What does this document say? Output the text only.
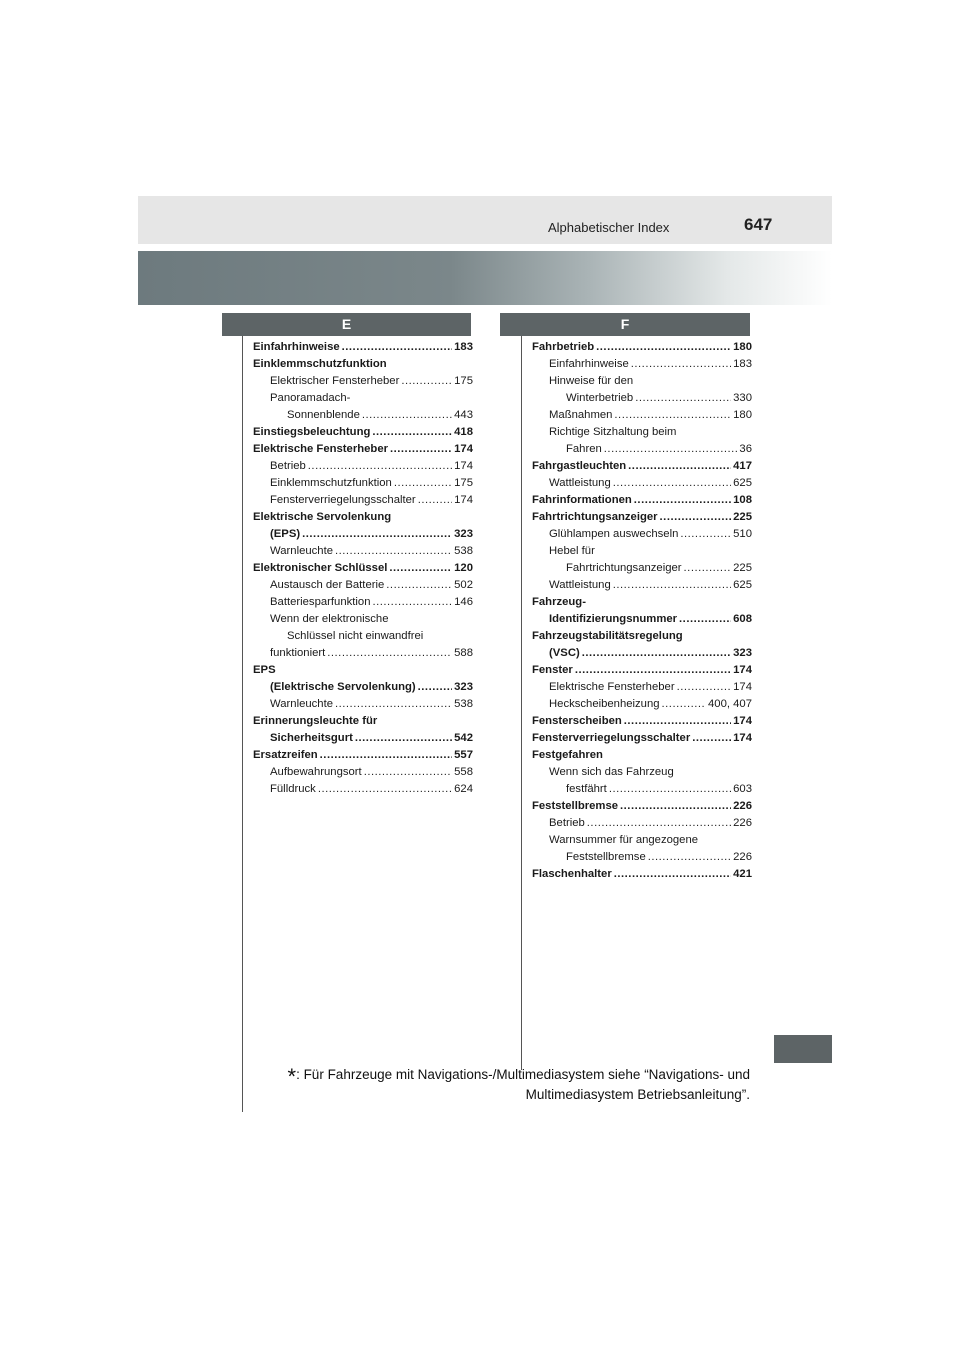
Alphabetischer Index	647
E	F
Einfahrhinweise .....	183
Einklemmschutzfunktion
Elektrischer Fensterheber .....	175
Panoramadach-
Sonnenblende .....	443
Einstiegsbeleuchtung .....	418
Elektrische Fensterheber .....	174
Betrieb .....	174
Einklemmschutzfunktion .....	175
Fensterverriegelungsschalter .....	174
Elektrische Servolenkung
(EPS) .....	323
Warnleuchte .....	538
Elektronischer Schlüssel .....	120
Austausch der Batterie .....	502
Batteriesparfunktion .....	146
Wenn der elektronische
Schlüssel nicht einwandfrei
funktioniert .....	588
EPS
(Elektrische Servolenkung) .....	323
Warnleuchte .....	538
Erinnerungsleuchte für
Sicherheitsgurt .....	542
Ersatzreifen .....	557
Aufbewahrungsort .....	558
Fülldruck .....	624
Fahrbetrieb .....	180
Einfahrhinweise .....	183
Hinweise für den
Winterbetrieb .....	330
Maßnahmen .....	180
Richtige Sitzhaltung beim
Fahren .....	36
Fahrgastleuchten .....	417
Wattleistung .....	625
Fahrinformationen .....	108
Fahrtrichtungsanzeiger .....	225
Glühlampen auswechseln .....	510
Hebel für
Fahrtrichtungsanzeiger .....	225
Wattleistung .....	625
Fahrzeug-
Identifizierungsnummer .....	608
Fahrzeugstabilitätsregelung
(VSC) .....	323
Fenster .....	174
Elektrische Fensterheber .....	174
Heckscheibenheizung .....	400, 407
Fensterscheiben .....	174
Fensterverriegelungsschalter .....	174
Festgefahren
Wenn sich das Fahrzeug
festfährt .....	603
Feststellbremse .....	226
Betrieb .....	226
Warnsummer für angezogene
Feststellbremse .....	226
Flaschenhalter .....	421
*: Für Fahrzeuge mit Navigations-/Multimediasystem siehe “Navigations- und
Multimediasystem Betriebsanleitung”.
